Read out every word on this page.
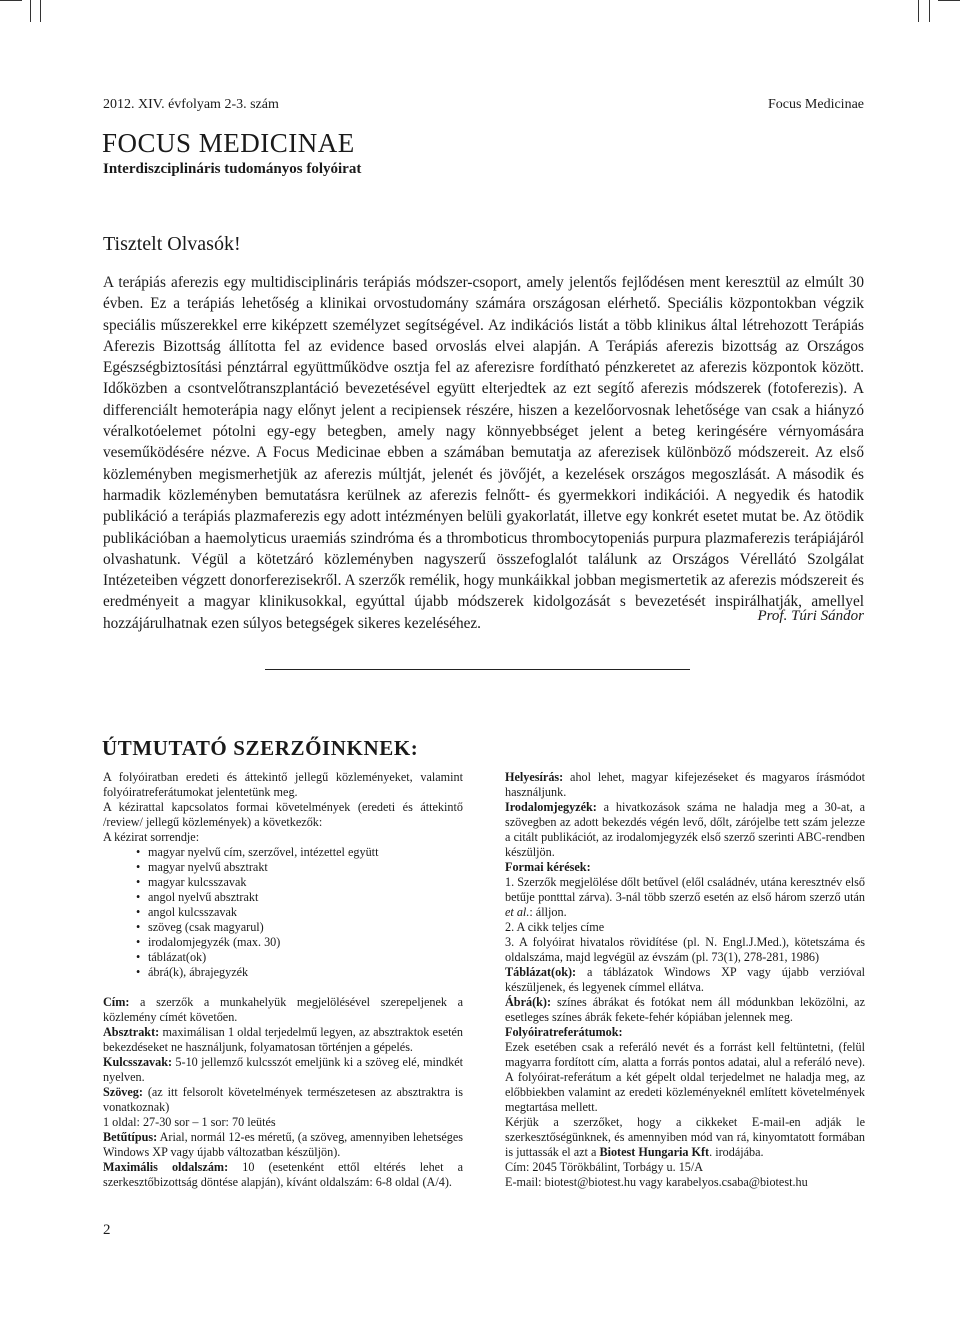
2012. XIV. évfolyam 2-3. szám	Focus Medicinae
FOCUS MEDICINAE
Interdiszciplináris tudományos folyóirat
Tisztelt Olvasók!

A terápiás aferezis egy multidisciplináris terápiás módszer-csoport, amely jelentős fejlődésen ment keresztül az elmúlt 30 évben. Ez a terápiás lehetőség a klinikai orvostudomány számára országosan elérhető. Speciális központokban végzik speciális műszerekkel erre kiképzett személyzet segítségével. Az indikációs listát a több klinikus által létrehozott Terápiás Aferezis Bizottság állította fel az evidence based orvoslás elvei alapján. A Terápiás aferezis bizottság az Országos Egészségbiztosítási pénztárral együttműködve osztja fel az aferezisre fordítható pénzkeretet az aferezis központok között. Időközben a csontvelőtranszplantáció bevezetésével együtt elterjedtek az ezt segítő aferezis módszerek (fotoferezis). A differenciált hemoterápia nagy előnyt jelent a recipiensek részére, hiszen a kezelőorvosnak lehetősége van csak a hiányzó véralkotóelemet pótolni egy-egy betegben, amely nagy könnyebbséget jelent a beteg keringésére vérnyomására veseműködésére nézve. A Focus Medicinae ebben a számában bemutatja az aferezisek különböző módszereit. Az első közleményben megismerhetjük az aferezis múltját, jelenét és jövőjét, a kezelések országos megoszlását. A második és harmadik közleményben bemutatásra kerülnek az aferezis felnőtt- és gyermekkori indikációi. A negyedik és hatodik publikáció a terápiás plazmaferezis egy adott intézményen belüli gyakorlatát, illetve egy konkrét esetet mutat be. Az ötödik publikációban a haemolyticus uraemiás szindróma és a thromboticus thrombocytopeniás purpura plazmaferezis terápiájáról olvashatunk. Végül a kötetzáró közleményben nagyszerű összefoglalót találunk az Országos Vérellátó Szolgálat Intézeteiben végzett donorferezisekről. A szerzők remélik, hogy munkáikkal jobban megismertetik az aferezis módszereit és eredményeit a magyar klinikusokkal, egyúttal újabb módszerek kidolgozását s bevezetését inspirálhatják, amellyel hozzájárulhatnak ezen súlyos betegségek sikeres kezeléséhez.	Prof. Túri Sándor
ÚTMUTATÓ SZERZŐINKNEK:

A folyóiratban eredeti és áttekintő jellegű közleményeket, valamint folyóiratreferátumokat jelentetünk meg.

A kézirattal kapcsolatos formai követelmények (eredeti és áttekintő /review/ jellegű közlemények) a következők:

A kézirat sorrendje:

• magyar nyelvű cím, szerzővel, intézettel együtt
• magyar nyelvű absztrakt
• magyar kulcsszavak
• angol nyelvű absztrakt
• angol kulcsszavak
• szöveg (csak magyarul)
• irodalomjegyzék (max. 30)
• táblázat(ok)
• ábrá(k), ábrajegyzék

Cím: a szerzők a munkahelyük megjelölésével szerepeljenek a közlemény címét követően.

Absztrakt: maximálisan 1 oldal terjedelmű legyen, az absztraktok esetén bekezdéseket ne használjunk, folyamatosan történjen a gépelés.

Kulcsszavak: 5-10 jellemző kulcsszót emeljünk ki a szöveg elé, mindkét nyelven.

Szöveg: (az itt felsorolt követelmények természetesen az absztraktra is vonatkoznak)

1 oldal: 27-30 sor – 1 sor: 70 leütés

Betűtípus: Arial, normál 12-es méretű, (a szöveg, amennyiben lehetséges Windows XP vagy újabb változatban készüljön).

Maximális oldalszám: 10 (esetenként ettől eltérés lehet a szerkesztőbizottság döntése alapján), kívánt oldalszám: 6-8 oldal (A/4).

Helyesírás: ahol lehet, magyar kifejezéseket és magyaros írásmódot használjunk.

Irodalomjegyzék: a hivatkozások száma ne haladja meg a 30-at, a szövegben az adott bekezdés végén levő, dőlt, zárójelbe tett szám jelezze a citált publikációt, az irodalomjegyzék első szerző szerinti ABC-rendben készüljön.

Formai kérések:

1. Szerzők megjelölése dőlt betűvel (elől családnév, utána keresztnév első betűje pontttal zárva). 3-nál több szerző esetén az első három szerző után et al.: álljon.

2. A cikk teljes címe

3. A folyóirat hivatalos rövidítése (pl. N. Engl.J.Med.), kötetszáma és oldalszáma, majd legvégül az évszám (pl. 73(1), 278-281, 1986)

Táblázat(ok): a táblázatok Windows XP vagy újabb verzióval készüljenek, és legyenek címmel ellátva.

Ábrá(k): színes ábrákat és fotókat nem áll módunkban leközölni, az esetleges színes ábrák fekete-fehér kópiában jelennek meg.

Folyóiratreferátumok:

Ezek esetében csak a referáló nevét és a forrást kell feltüntetni, (felül magyarra fordított cím, alatta a forrás pontos adatai, alul a referáló neve). A folyóirat-referátum a két gépelt oldal terjedelmet ne haladja meg, az előbbiekben valamint az eredeti közleményeknél említett követelmények megtartása mellett.

Kérjük a szerzőket, hogy a cikkeket E-mail-en adják le szerkesztőségünknek, és amennyiben mód van rá, kinyomtatott formában is juttassák el azt a Biotest Hungaria Kft. irodájába.

Cím: 2045 Törökbálint, Torbágy u. 15/A

E-mail: biotest@biotest.hu vagy karabelyos.csaba@biotest.hu

2
